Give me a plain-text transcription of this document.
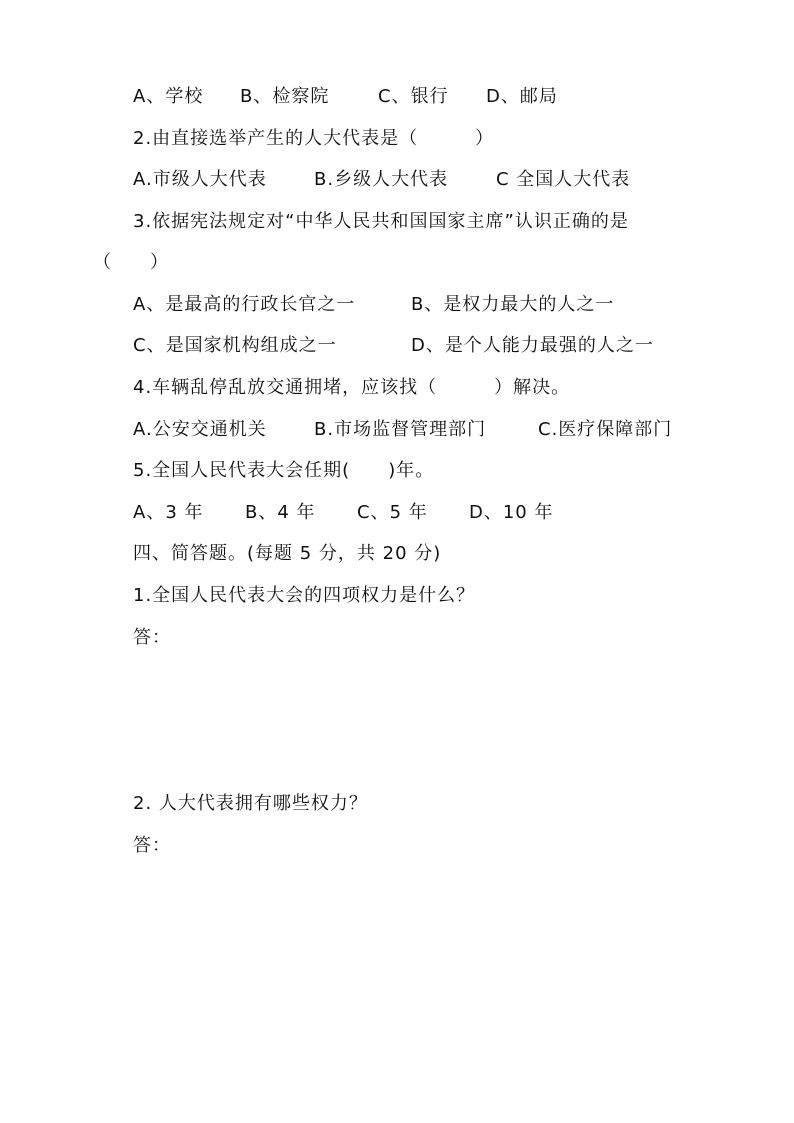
A、学校 B、检察院	C、银行 D、邮局
2.由直接选举产生的人大代表是（　　　）
A.市级人大代表	B.乡级人大代表	C 全国人大代表
3.依据宪法规定对“中华人民共和国国家主席”认识正确的是
（　　）
A、是最高的行政长官之一	B、是权力最大的人之一
C、是国家机构组成之一	D、是个人能力最强的人之一
4.车辆乱停乱放交通拥堵，应该找（　　　）解决。
A.公安交通机关	B.市场监督管理部门	C.医疗保障部门
5.全国人民代表大会任期(　　)年。
A、3 年 B、4 年 C、5 年 D、10 年
四、简答题。(每题 5 分，共 20 分)
1.全国人民代表大会的四项权力是什么？
答：
2. 人大代表拥有哪些权力？
答：
